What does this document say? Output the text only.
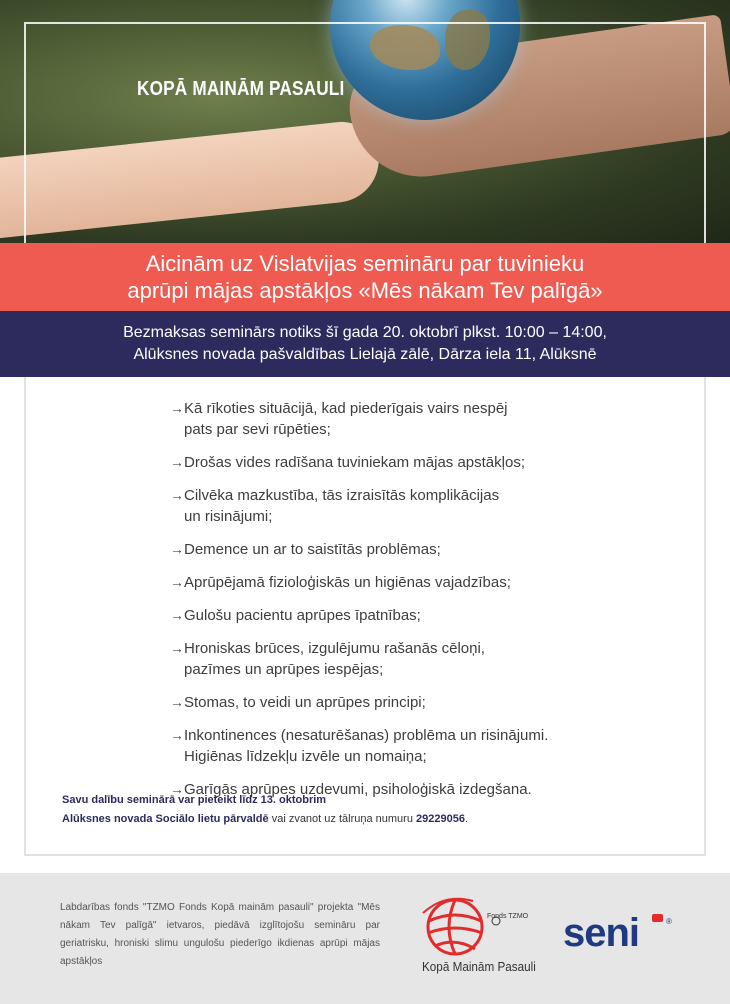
KOPĀ MAINĀM PASAULI
Aicinām uz Vislatvijas semināru par tuvinieku
aprūpi mājas apstākļos «Mēs nākam Tev palīgā»
Bezmaksas seminārs notiks šī gada 20. oktobrī plkst. 10:00 – 14:00,
Alūksnes novada pašvaldības Lielajā zālē, Dārza iela 11, Alūksnē
→ Kā rīkoties situācijā, kad piederīgais vairs nespēj
pats par sevi rūpēties;
→ Drošas vides radīšana tuviniekam mājas apstākļos;
→ Cilvēka mazkustība, tās izraisītās komplikācijas
un risinājumi;
→ Demence un ar to saistītās problēmas;
→ Aprūpējamā fizioloģiskās un higiēnas vajadzības;
→ Gulošu pacientu aprūpes īpatnības;
→ Hroniskas brūces, izgulējumu rašanās cēloņi,
pazīmes un aprūpes iespējas;
→ Stomas, to veidi un aprūpes principi;
→ Inkontinences (nesaturēšanas) problēma un risinājumi.
Higiēnas līdzekļu izvēle un nomaiņa;
→ Garīgās aprūpes uzdevumi, psiholoģiskā izdegšana.
Savu dalību seminārā var pieteikt līdz 13. oktobrim
Alūksnes novada Sociālo lietu pārvaldē vai zvanot uz tālruņa numuru 29229056.
Labdarības fonds "TZMO Fonds Kopā mainām pasauli" projekta "Mēs nākam Tev palīgā" ietvaros, piedāvā izglītojošu semināru par geriatrisku, hroniski slimu ungulošu piederīgo ikdienas aprūpi mājas apstākļos
Fonds TZMO
Kopā Mainām Pasauli
seni	®
